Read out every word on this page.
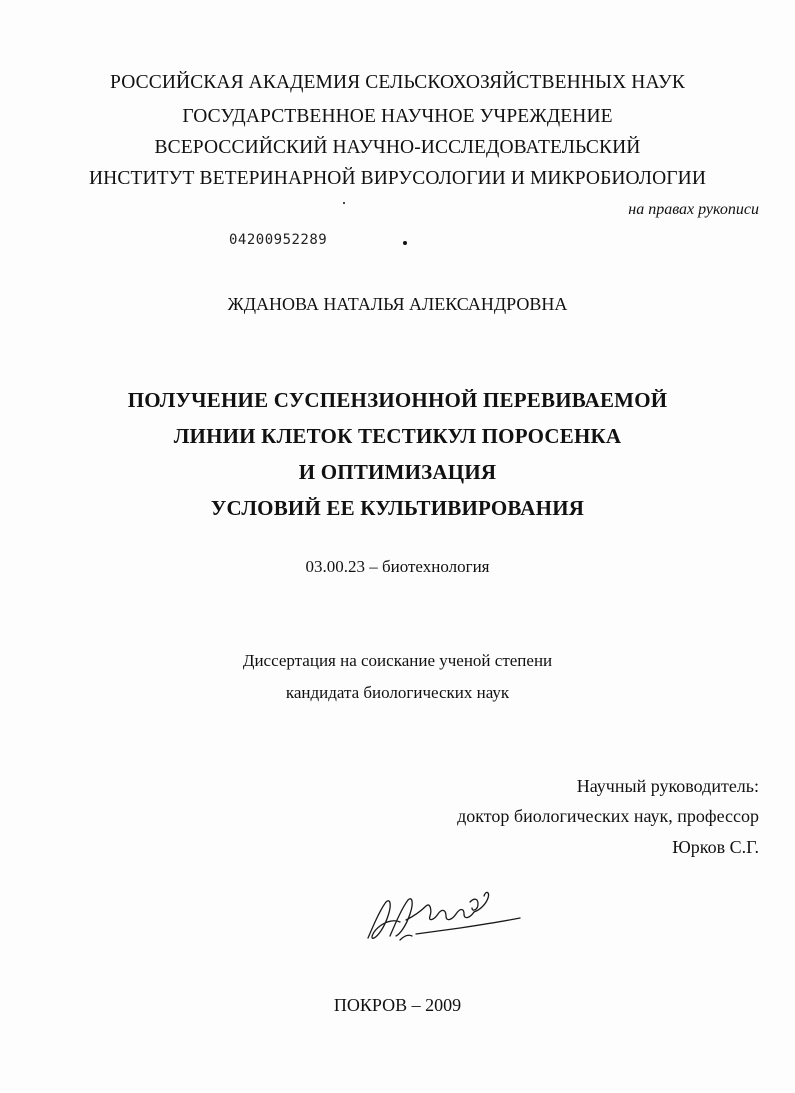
РОССИЙСКАЯ АКАДЕМИЯ СЕЛЬСКОХОЗЯЙСТВЕННЫХ НАУК
ГОСУДАРСТВЕННОЕ НАУЧНОЕ УЧРЕЖДЕНИЕ
ВСЕРОССИЙСКИЙ НАУЧНО-ИССЛЕДОВАТЕЛЬСКИЙ
ИНСТИТУТ ВЕТЕРИНАРНОЙ ВИРУСОЛОГИИ И МИКРОБИОЛОГИИ
на правах рукописи
04200952289
ЖДАНОВА НАТАЛЬЯ АЛЕКСАНДРОВНА
ПОЛУЧЕНИЕ СУСПЕНЗИОННОЙ ПЕРЕВИВАЕМОЙ
ЛИНИИ КЛЕТОК ТЕСТИКУЛ ПОРОСЕНКА
И ОПТИМИЗАЦИЯ
УСЛОВИЙ ЕЕ КУЛЬТИВИРОВАНИЯ
03.00.23 – биотехнология
Диссертация на соискание ученой степени
кандидата биологических наук
Научный руководитель:
доктор биологических наук, профессор
Юрков С.Г.
ПОКРОВ – 2009
